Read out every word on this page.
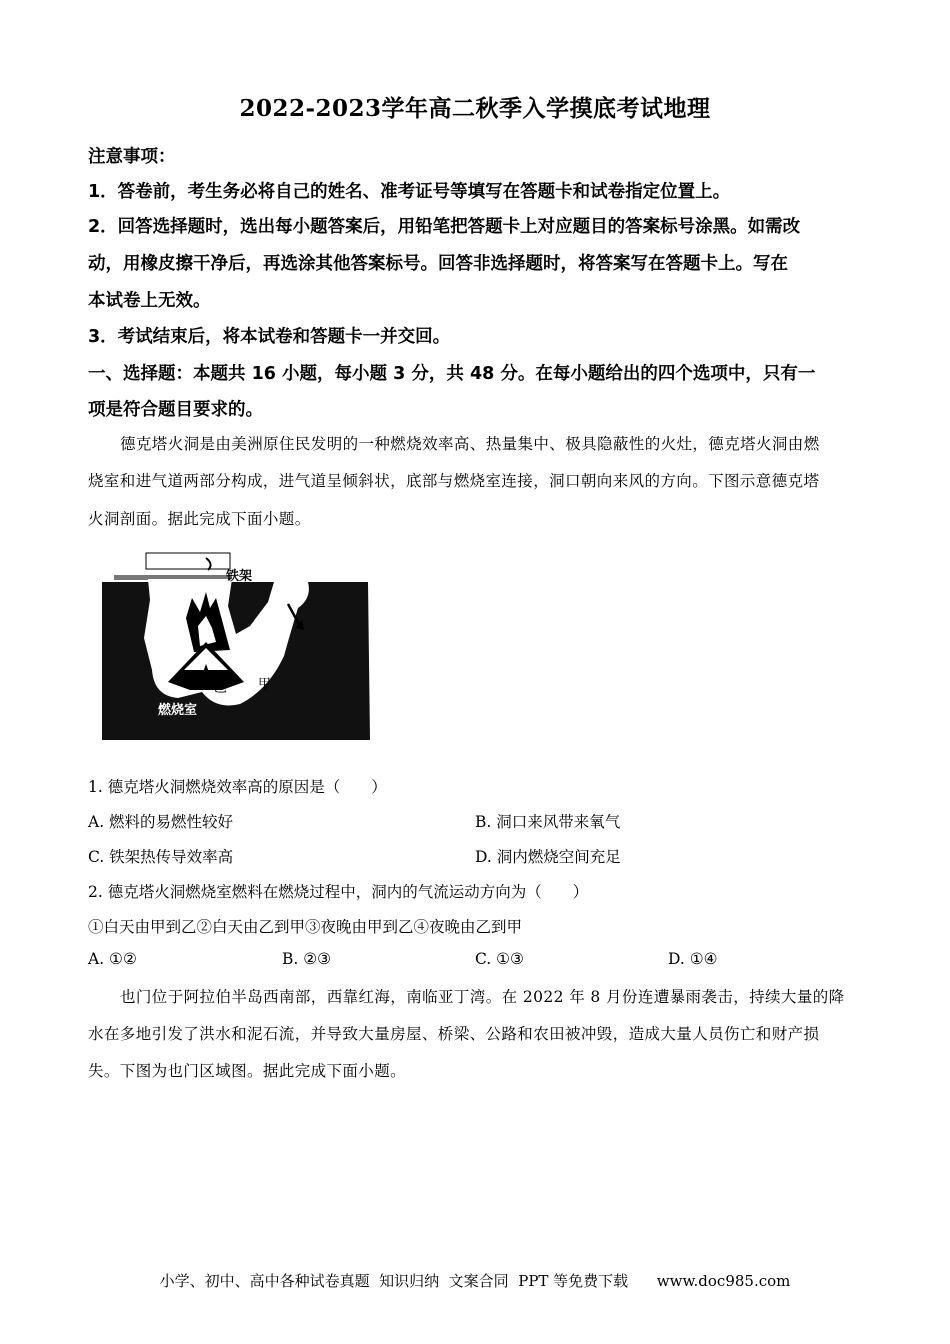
2022-2023学年高二秋季入学摸底考试地理
注意事项：
1．答卷前，考生务必将自己的姓名、准考证号等填写在答题卡和试卷指定位置上。
2．回答选择题时，选出每小题答案后，用铅笔把答题卡上对应题目的答案标号涂黑。如需改
动，用橡皮擦干净后，再选涂其他答案标号。回答非选择题时，将答案写在答题卡上。写在
本试卷上无效。
3．考试结束后，将本试卷和答题卡一并交回。
一、选择题：本题共 16 小题，每小题 3 分，共 48 分。在每小题给出的四个选项中，只有一
项是符合题目要求的。
德克塔火洞是由美洲原住民发明的一种燃烧效率高、热量集中、极具隐蔽性的火灶，德克塔火洞由燃
烧室和进气道两部分构成，进气道呈倾斜状，底部与燃烧室连接，洞口朝向来风的方向。下图示意德克塔
火洞剖面。据此完成下面小题。
铁架
乙 甲
燃烧室
1. 德克塔火洞燃烧效率高的原因是（　　）
A. 燃料的易燃性较好	B. 洞口来风带来氧气
C. 铁架热传导效率高	D. 洞内燃烧空间充足
2. 德克塔火洞燃烧室燃料在燃烧过程中，洞内的气流运动方向为（　　）
①白天由甲到乙②白天由乙到甲③夜晚由甲到乙④夜晚由乙到甲
A. ①②	B. ②③	C. ①③	D. ①④
也门位于阿拉伯半岛西南部，西靠红海，南临亚丁湾。在 2022 年 8 月份连遭暴雨袭击，持续大量的降
水在多地引发了洪水和泥石流，并导致大量房屋、桥梁、公路和农田被冲毁，造成大量人员伤亡和财产损
失。下图为也门区域图。据此完成下面小题。
小学、初中、高中各种试卷真题  知识归纳  文案合同  PPT 等免费下载      www.doc985.com
